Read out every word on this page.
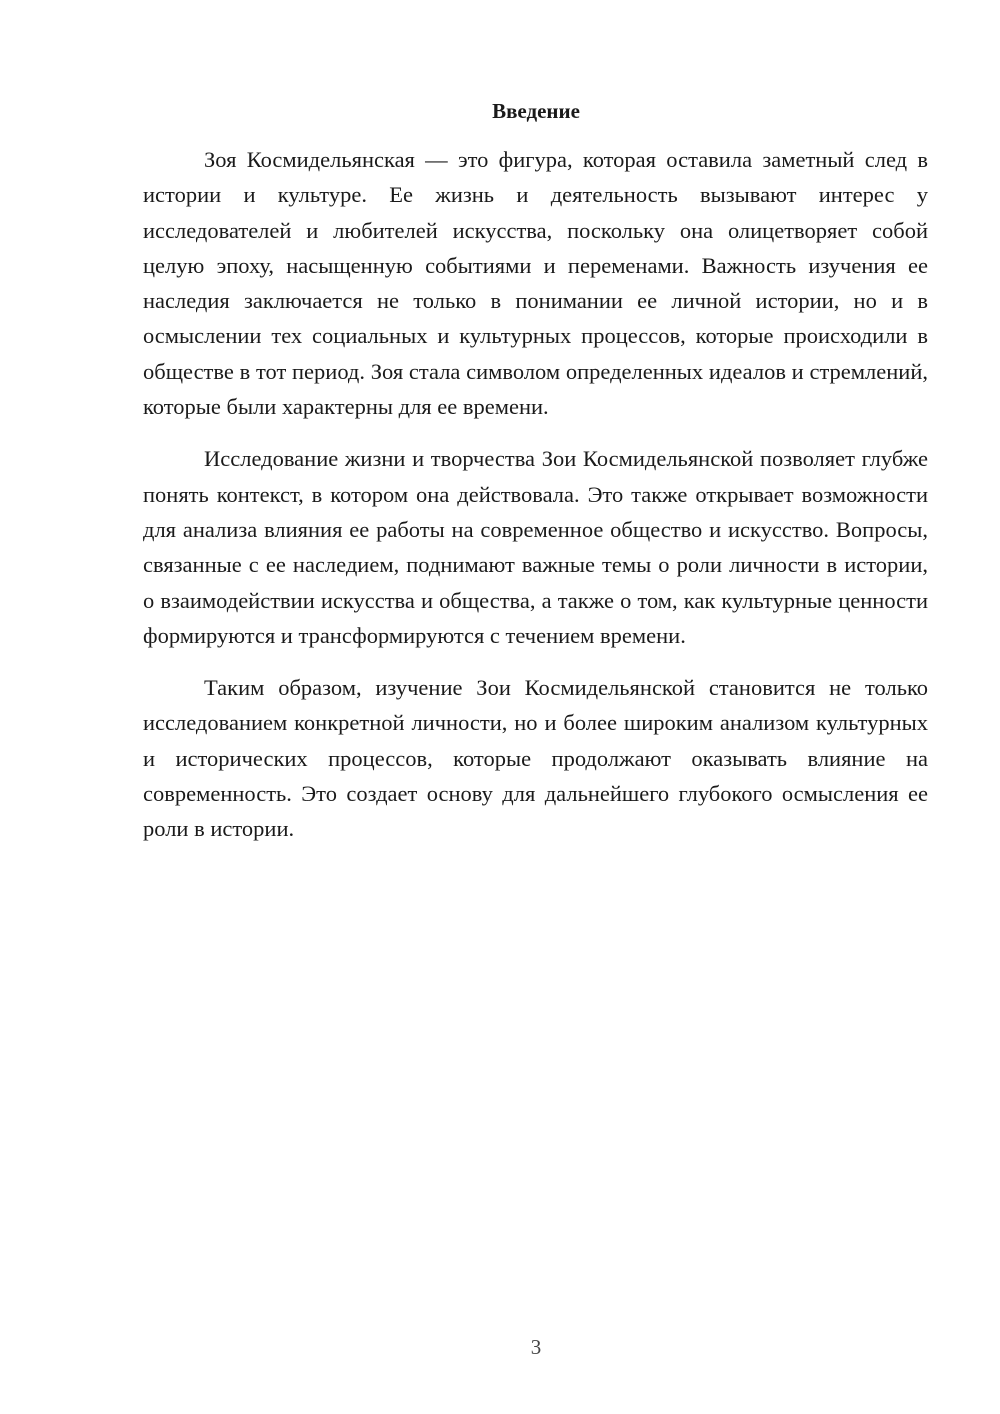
Введение

Зоя Космидельянская — это фигура, которая оставила заметный след в истории и культуре. Ее жизнь и деятельность вызывают интерес у исследователей и любителей искусства, поскольку она олицетворяет собой целую эпоху, насыщенную событиями и переменами. Важность изучения ее наследия заключается не только в понимании ее личной истории, но и в осмыслении тех социальных и культурных процессов, которые происходили в обществе в тот период. Зоя стала символом определенных идеалов и стремлений, которые были характерны для ее времени.

Исследование жизни и творчества Зои Космидельянской позволяет глубже понять контекст, в котором она действовала. Это также открывает возможности для анализа влияния ее работы на современное общество и искусство. Вопросы, связанные с ее наследием, поднимают важные темы о роли личности в истории, о взаимодействии искусства и общества, а также о том, как культурные ценности формируются и трансформируются с течением времени.

Таким образом, изучение Зои Космидельянской становится не только исследованием конкретной личности, но и более широким анализом культурных и исторических процессов, которые продолжают оказывать влияние на современность. Это создает основу для дальнейшего глубокого осмысления ее роли в истории.

3
